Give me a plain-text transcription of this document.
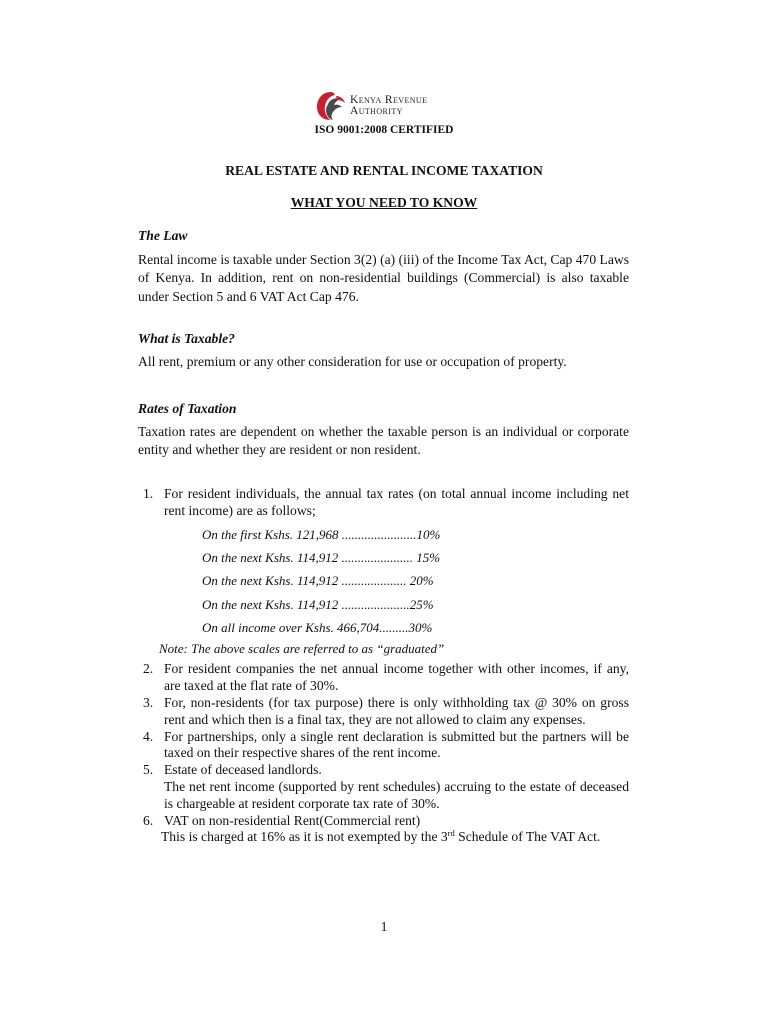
Kenya Revenue
Authority
ISO 9001:2008 CERTIFIED
REAL ESTATE AND RENTAL INCOME TAXATION
WHAT YOU NEED TO KNOW
The Law
Rental income is taxable under Section 3(2) (a) (iii) of the Income Tax Act, Cap 470 Laws of Kenya. In addition, rent on non-residential buildings (Commercial) is also taxable under Section 5 and 6 VAT Act Cap 476.
What is Taxable?
All rent, premium or any other consideration for use or occupation of property.
Rates of Taxation
Taxation rates are dependent on whether the taxable person is an individual or corporate entity and whether they are resident or non resident.
1. For resident individuals, the annual tax rates (on total annual income including net rent income) are as follows;
On the first Kshs. 121,968 .......................10%
On the next Kshs. 114,912 ...................... 15%
On the next Kshs. 114,912 .................... 20%
On the next Kshs. 114,912 .....................25%
On all income over Kshs. 466,704.........30%
Note: The above scales are referred to as “graduated”
2. For resident companies the net annual income together with other incomes, if any, are taxed at the flat rate of 30%.
3. For, non-residents (for tax purpose) there is only withholding tax @ 30% on gross rent and which then is a final tax, they are not allowed to claim any expenses.
4. For partnerships, only a single rent declaration is submitted but the partners will be taxed on their respective shares of the rent income.
5. Estate of deceased landlords.
The net rent income (supported by rent schedules) accruing to the estate of deceased is chargeable at resident corporate tax rate of 30%.
6. VAT on non-residential Rent(Commercial rent)
This is charged at 16% as it is not exempted by the 3rd Schedule of The VAT Act.
1
